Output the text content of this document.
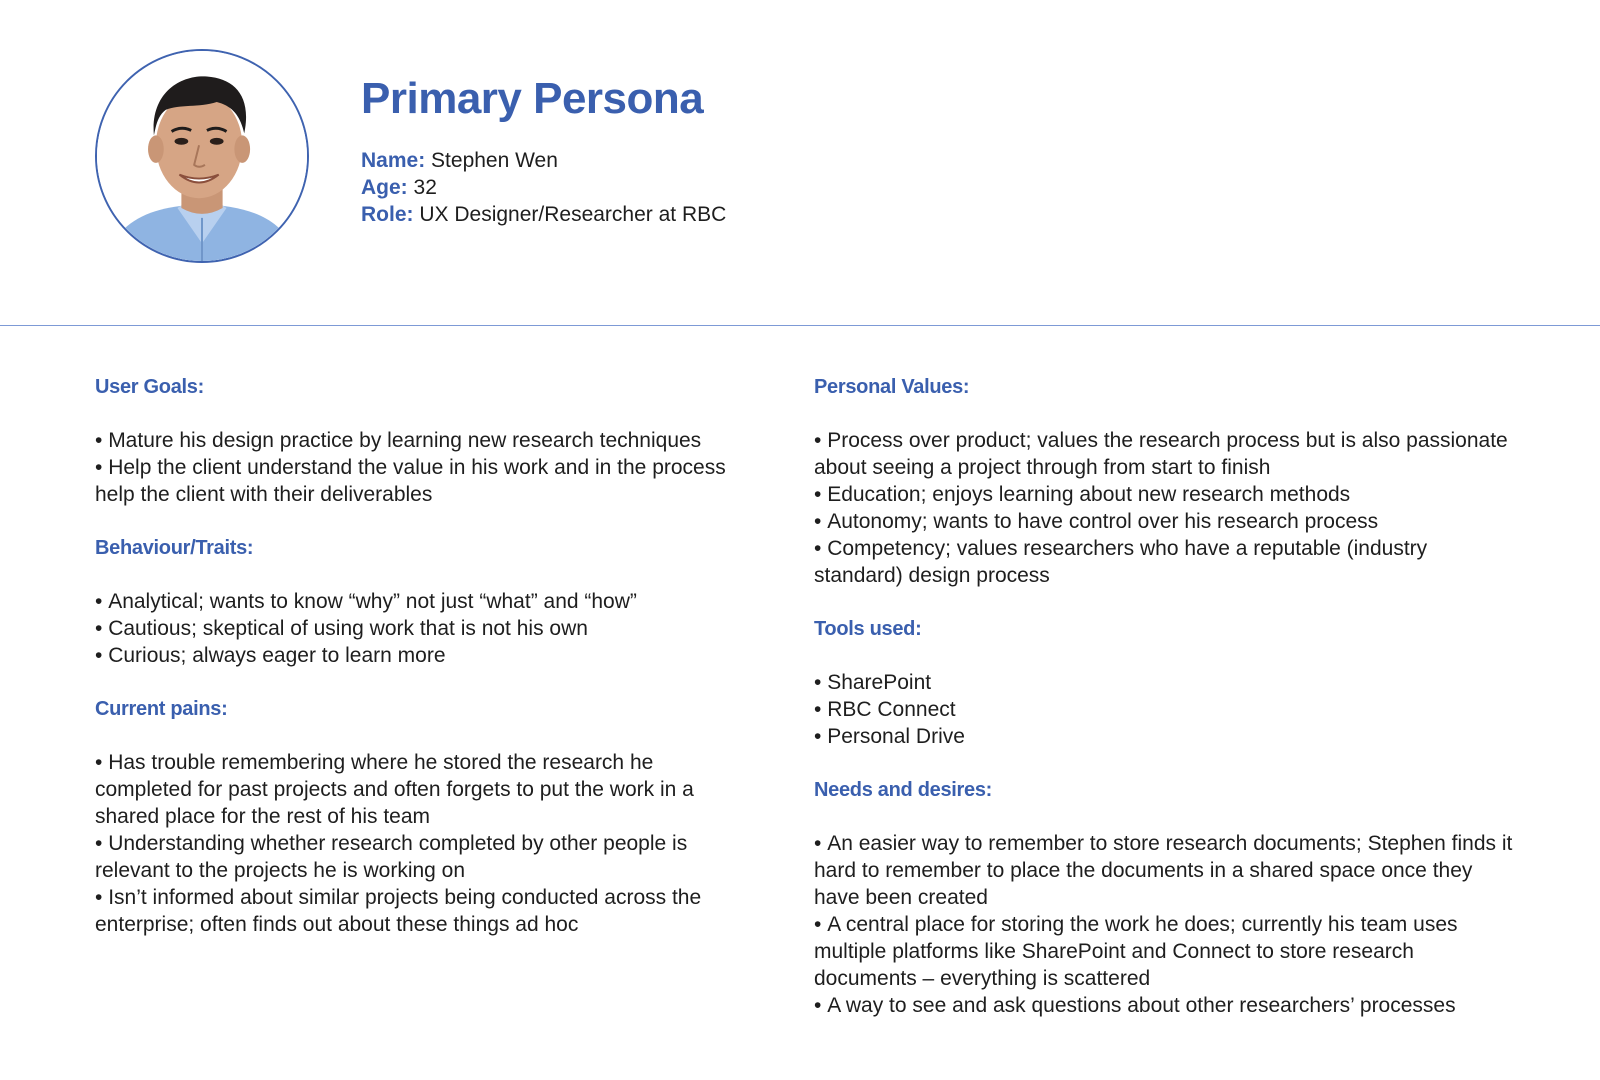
Primary Persona
Name: Stephen Wen
Age: 32
Role: UX Designer/Researcher at RBC
User Goals:
• Mature his design practice by learning new research techniques
• Help the client understand the value in his work and in the process help the client with their deliverables
Behaviour/Traits:
• Analytical; wants to know “why” not just “what” and “how”
• Cautious; skeptical of using work that is not his own
• Curious; always eager to learn more
Current pains:
• Has trouble remembering where he stored the research he completed for past projects and often forgets to put the work in a shared place for the rest of his team
• Understanding whether research completed by other people is relevant to the projects he is working on
• Isn’t informed about similar projects being conducted across the enterprise; often finds out about these things ad hoc
Personal Values:
• Process over product; values the research process but is also passionate about seeing a project through from start to finish
• Education; enjoys learning about new research methods
• Autonomy; wants to have control over his research process
• Competency; values researchers who have a reputable (industry standard) design process
Tools used:
• SharePoint
• RBC Connect
• Personal Drive
Needs and desires:
• An easier way to remember to store research documents; Stephen finds it hard to remember to place the documents in a shared space once they have been created
• A central place for storing the work he does; currently his team uses multiple platforms like SharePoint and Connect to store research documents – everything is scattered
• A way to see and ask questions about other researchers’ processes
